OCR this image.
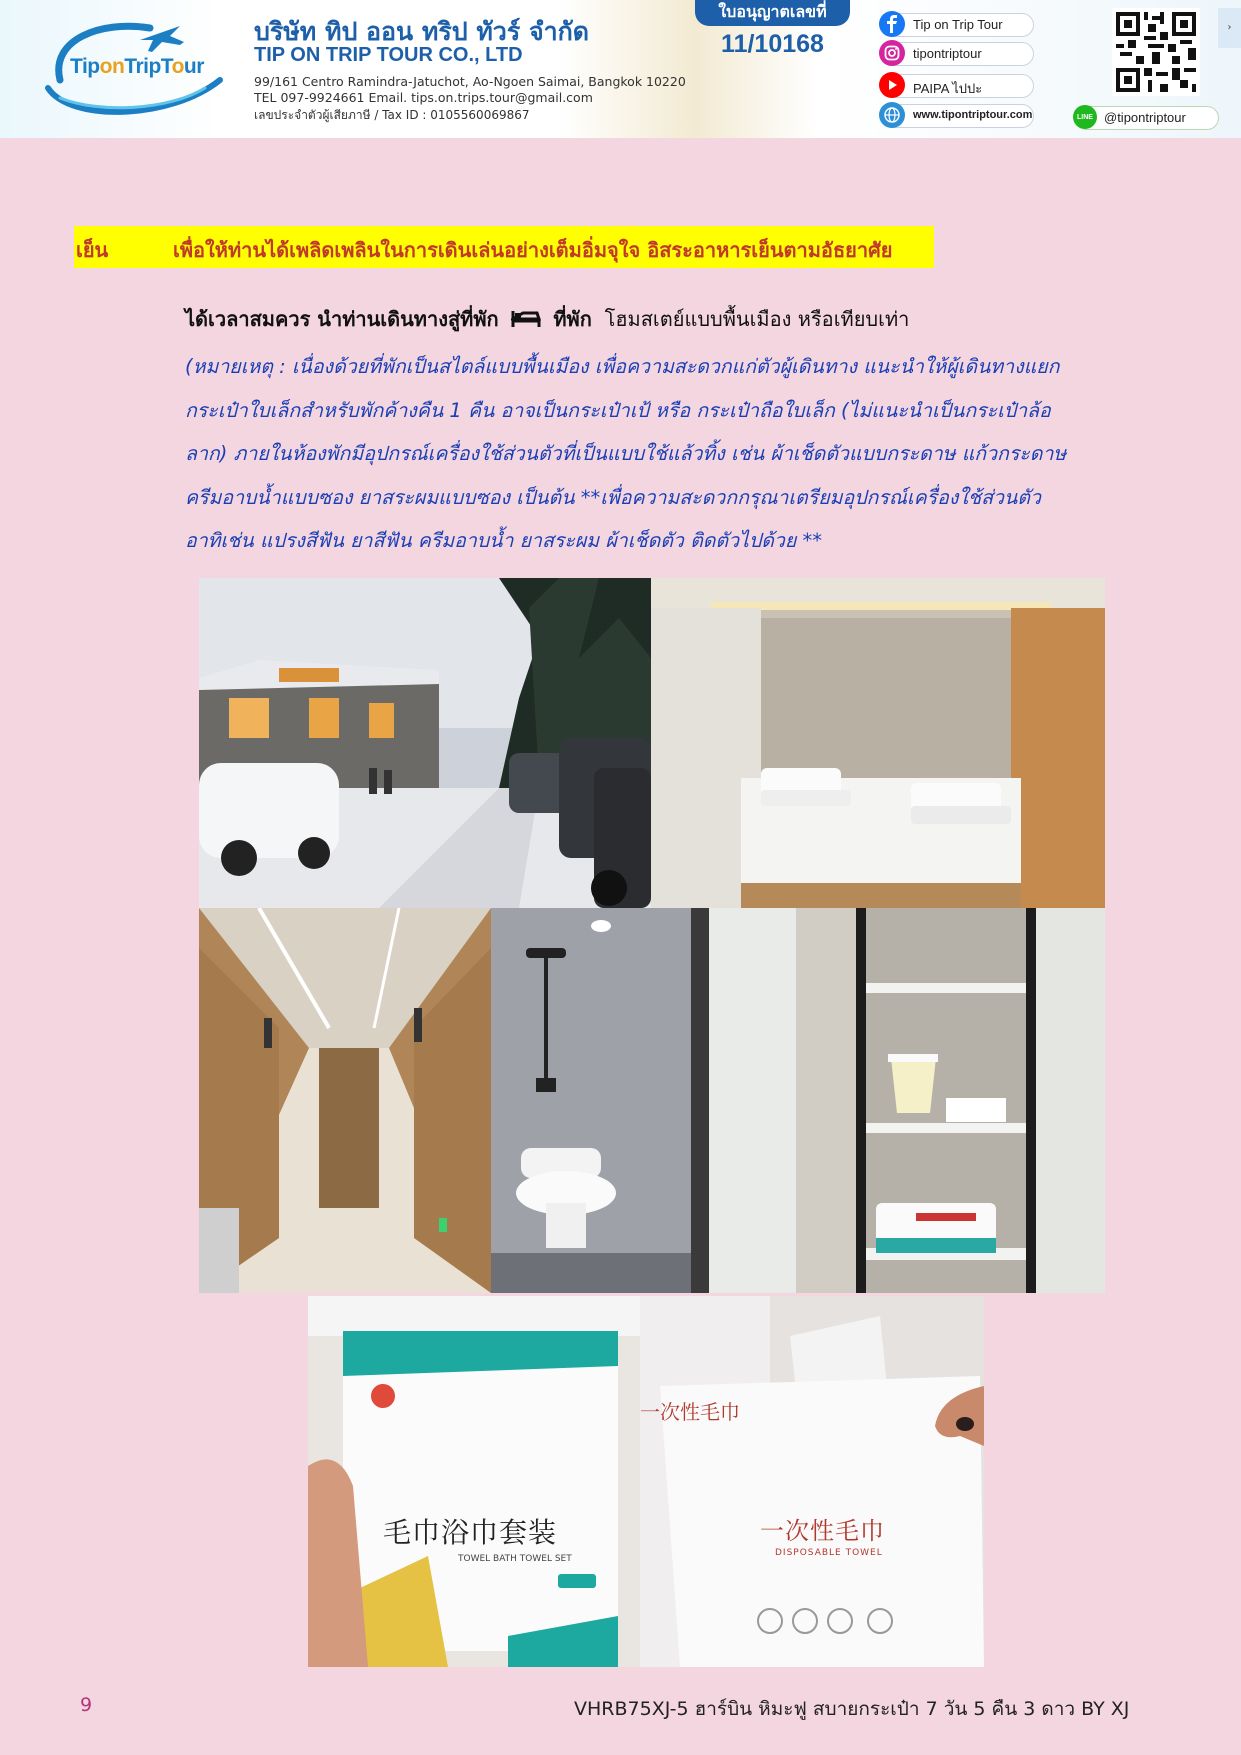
TiponTripTour
บริษัท ทิป ออน ทริป ทัวร์ จำกัด
TIP ON TRIP TOUR CO., LTD
99/161 Centro Ramindra-Jatuchot, Ao-Ngoen Saimai, Bangkok 10220
TEL 097-9924661 Email. tips.on.trips.tour@gmail.com
เลขประจำตัวผู้เสียภาษี / Tax ID : 0105560069867
ใบอนุญาตเลขที่
11/10168
Tip on Trip Tour
tipontriptour
PAIPA ไปปะ
www.tipontriptour.com	LINE @tipontriptour
›
เย็น	เพื่อให้ท่านได้เพลิดเพลินในการเดินเล่นอย่างเต็มอิ่มจุใจ อิสระอาหารเย็นตามอัธยาศัย
ได้เวลาสมควร นำท่านเดินทางสู่ที่พัก	ที่พัก โฮมสเตย์แบบพื้นเมือง หรือเทียบเท่า
(หมายเหตุ : เนื่องด้วยที่พักเป็นสไตล์แบบพื้นเมือง เพื่อความสะดวกแก่ตัวผู้เดินทาง แนะนำให้ผู้เดินทางแยก
กระเป๋าใบเล็กสำหรับพักค้างคืน 1 คืน อาจเป็นกระเป๋าเป้ หรือ กระเป๋าถือใบเล็ก (ไม่แนะนำเป็นกระเป๋าล้อ
ลาก) ภายในห้องพักมีอุปกรณ์เครื่องใช้ส่วนตัวที่เป็นแบบใช้แล้วทิ้ง เช่น ผ้าเช็ดตัวแบบกระดาษ แก้วกระดาษ
ครีมอาบน้ำแบบซอง ยาสระผมแบบซอง เป็นต้น **เพื่อความสะดวกกรุณาเตรียมอุปกรณ์เครื่องใช้ส่วนตัว
อาทิเช่น แปรงสีฟัน ยาสีฟัน ครีมอาบน้ำ ยาสระผม ผ้าเช็ดตัว ติดตัวไปด้วย **
毛巾浴巾套装
TOWEL BATH TOWEL SET
一次性毛巾
一次性毛巾
DISPOSABLE TOWEL
9	VHRB75XJ-5 ฮาร์บิน หิมะฟู สบายกระเป๋า 7 วัน 5 คืน 3 ดาว BY XJ
